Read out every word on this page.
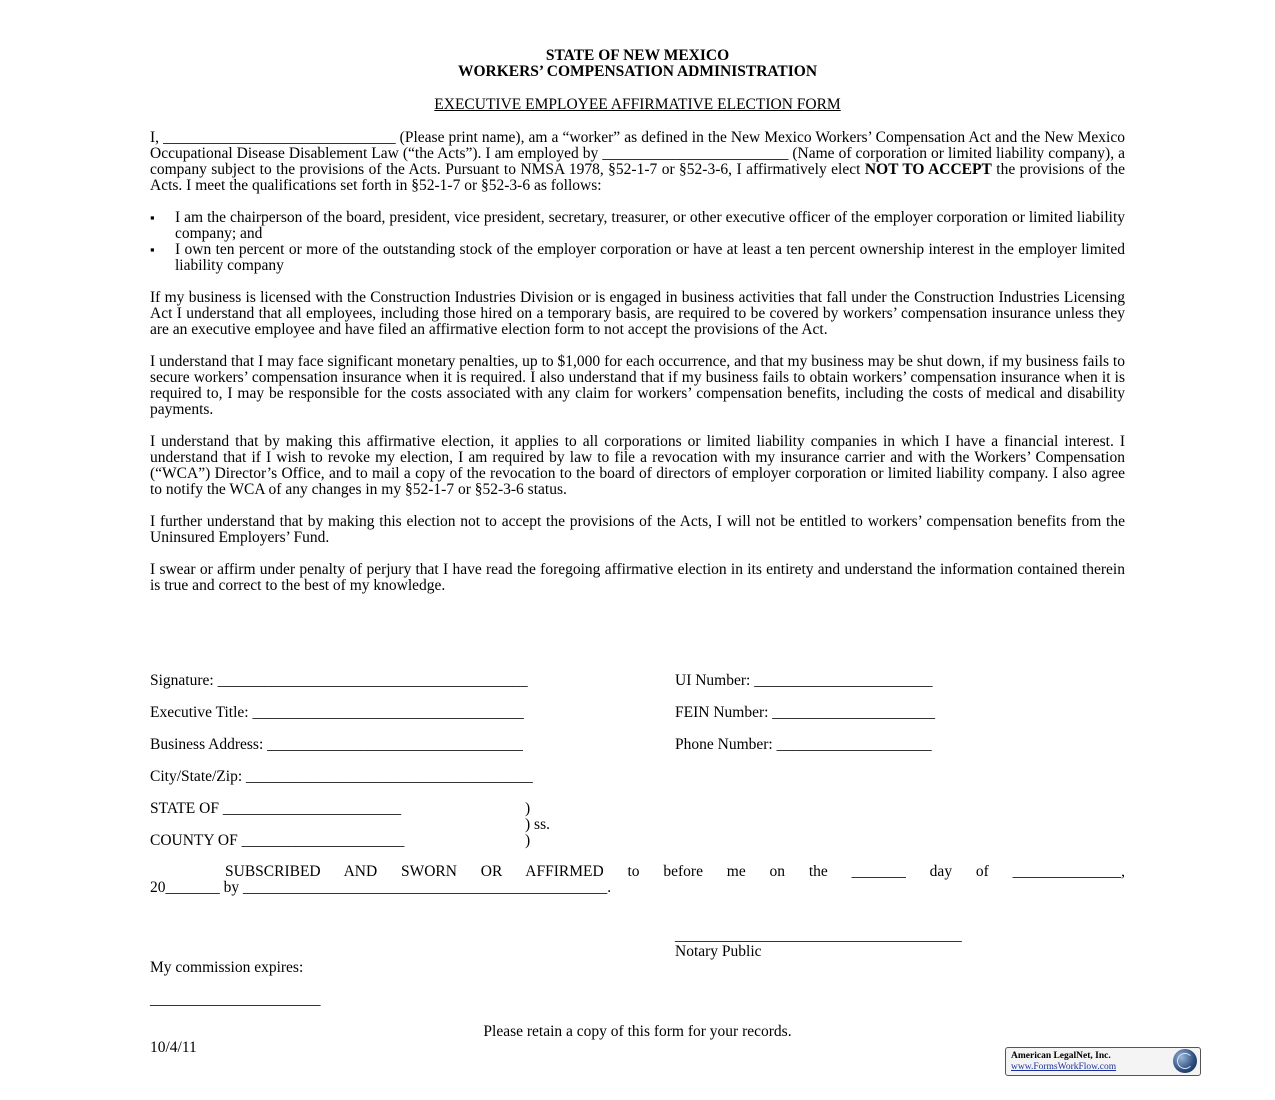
STATE OF NEW MEXICO
WORKERS’ COMPENSATION ADMINISTRATION
EXECUTIVE EMPLOYEE AFFIRMATIVE ELECTION FORM

I, ______________________________ (Please print name), am a “worker” as defined in the New Mexico Workers’ Compensation Act and the New Mexico Occupational Disease Disablement Law (“the Acts”). I am employed by ________________________ (Name of corporation or limited liability company), a company subject to the provisions of the Acts. Pursuant to NMSA 1978, §52-1-7 or §52-3-6, I affirmatively elect NOT TO ACCEPT the provisions of the Acts. I meet the qualifications set forth in §52-1-7 or §52-3-6 as follows:

▪ I am the chairperson of the board, president, vice president, secretary, treasurer, or other executive officer of the employer corporation or limited liability company; and
▪ I own ten percent or more of the outstanding stock of the employer corporation or have at least a ten percent ownership interest in the employer limited liability company

If my business is licensed with the Construction Industries Division or is engaged in business activities that fall under the Construction Industries Licensing Act I understand that all employees, including those hired on a temporary basis, are required to be covered by workers’ compensation insurance unless they are an executive employee and have filed an affirmative election form to not accept the provisions of the Act.

I understand that I may face significant monetary penalties, up to $1,000 for each occurrence, and that my business may be shut down, if my business fails to secure workers’ compensation insurance when it is required. I also understand that if my business fails to obtain workers’ compensation insurance when it is required to, I may be responsible for the costs associated with any claim for workers’ compensation benefits, including the costs of medical and disability payments.

I understand that by making this affirmative election, it applies to all corporations or limited liability companies in which I have a financial interest. I understand that if I wish to revoke my election, I am required by law to file a revocation with my insurance carrier and with the Workers’ Compensation (“WCA”) Director’s Office, and to mail a copy of the revocation to the board of directors of employer corporation or limited liability company. I also agree to notify the WCA of any changes in my §52-1-7 or §52-3-6 status.

I further understand that by making this election not to accept the provisions of the Acts, I will not be entitled to workers’ compensation benefits from the Uninsured Employers’ Fund.

I swear or affirm under penalty of perjury that I have read the foregoing affirmative election in its entirety and understand the information contained therein is true and correct to the best of my knowledge.

Signature: ________________________________________	UI Number: _______________________
Executive Title: ___________________________________	FEIN Number: _____________________
Business Address: _________________________________	Phone Number: ____________________
City/State/Zip: _____________________________________
STATE OF _______________________	)
) ss.
COUNTY OF _____________________	)
SUBSCRIBED AND SWORN OR AFFIRMED to before me on the _______ day of ______________,
20_______ by _______________________________________________.
_____________________________________
Notary Public
My commission expires:
______________________
Please retain a copy of this form for your records.
10/4/11	American LegalNet, Inc.
www.FormsWorkFlow.com
